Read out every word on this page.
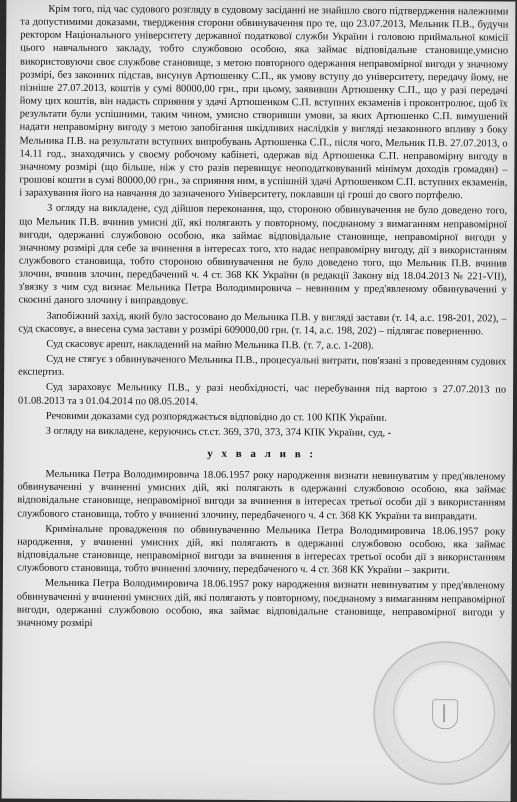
Крім того, під час судового розгляду в судовому засіданні не знайшло свого підтвердження належними та допустимими доказами, твердження сторони обвинувачення про те, що 23.07.2013, Мельник П.В., будучи ректором Національного університету державної податкової служби України і головою приймальної комісії цього навчального закладу, тобто службовою особою, яка займає відповідальне становище,умисно використовуючи своє службове становище, з метою повторного одержання неправомірної вигоди у значному розмірі, без законних підстав, висунув Артюшенку С.П., як умову вступу до університету, передачу йому, не пізніше 27.07.2013, коштів у сумі 80000,00 грн., при цьому, заявивши Артюшенку С.П., що у разі передачі йому цих коштів, він надасть сприяння у здачі Артюшенком С.П. вступних екзаменів і проконтролює, щоб їх результати були успішними, таким чином, умисно створивши умови, за яких Артюшенко С.П. вимушений надати неправомірну вигоду з метою запобігання шкідливих наслідків у вигляді незаконного впливу з боку Мельника П.В. на результати вступних випробувань Артюшенка С.П., після чого, Мельник П.В. 27.07.2013, о 14.11 год., знаходячись у своєму робочому кабінеті, одержав від Артюшенка С.П. неправомірну вигоду в значному розмірі (що більше, ніж у сто разів перевищує неоподатковуваний мінімум доходів громадян) – грошові кошти в сумі 80000,00 грн., за сприяння ним, в успішній здачі Артюшенком С.П. вступних екзаменів, і зарахування його на навчання до зазначеного Університету, поклавши ці гроші до свого портфелю.

З огляду на викладене, суд дійшов переконання, що, стороною обвинувачення не було доведено того, що Мельник П.В. вчинив умисні дії, які полягають у повторному, поєднаному з вимаганням неправомірної вигоди, одержанні службовою особою, яка займає відповідальне становище, неправомірної вигоди у значному розмірі для себе за вчинення в інтересах того, хто надає неправомірну вигоду, дії з використанням службового становища, тобто стороною обвинувачення не було доведено того, що Мельник П.В. вчинив злочин, вчинив злочин, передбачений ч. 4 ст. 368 КК України (в редакції Закону від 18.04.2013 № 221-VII), з'вязку з чим суд визнає Мельника Петра Володимировича – невинним у пред'явленому обвинуваченні у скоєнні даного злочину і виправдовує.

Запобіжний захід, який було застосовано до Мельника П.В. у вигляді застави (т. 14, а.с. 198-201, 202), – суд скасовує, а внесена сума застави у розмірі 609000,00 грн. (т. 14, а.с. 198, 202) – підлягає поверненню.

Суд скасовує арешт, накладений на майно Мельника П.В. (т. 7, а.с. 1-208).

Суд не стягує з обвинуваченого Мельника П.В., процесуальні витрати, пов'язані з проведенням судових експертиз.

Суд зараховує Мельнику П.В., у разі необхідності, час перебування під вартою з 27.07.2013 по 01.08.2013 та з 01.04.2014 по 08.05.2014.

Речовими доказами суд розпоряджається відповідно до ст. 100 КПК України.

З огляду на викладене, керуючись ст.ст. 369, 370, 373, 374 КПК України, суд, -

у х в а л и в :

Мельника Петра Володимировича 18.06.1957 року народження визнати невинуватим у пред'явленому обвинуваченні у вчиненні умисних дій, які полягають в одержанні службовою особою, яка займає відповідальне становище, неправомірної вигоди за вчинення в інтересах третьої особи дії з використанням службового становища, тобто у вчиненні злочину, передбаченого ч. 4 ст. 368 КК України та виправдати.

Кримінальне провадження по обвинуваченню Мельника Петра Володимировича 18.06.1957 року народження, у вчиненні умисних дій, які полягають в одержанні службовою особою, яка займає відповідальне становище, неправомірної вигоди за вчинення в інтересах третьої особи дії з використанням службового становища, тобто вчиненні злочину, передбаченого ч. 4 ст. 368 КК України – закрити.

Мельника Петра Володимировича 18.06.1957 року народження визнати невинуватим у пред'явленому обвинуваченні у вчиненні умисних дій, які полягають у повторному, поєднаному з вимаганням неправомірної вигоди, одержанні службовою особою, яка займає відповідальне становище, неправомірної вигоди у значному розмірі
